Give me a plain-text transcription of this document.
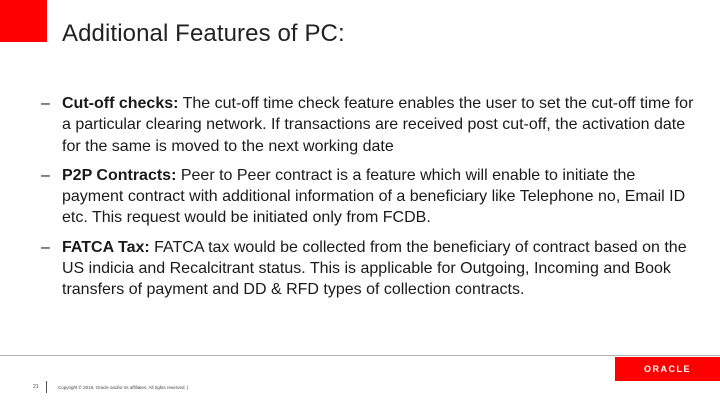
Additional Features of PC:
– Cut-off checks: The cut-off time check feature enables the user to set the cut-off time for a particular clearing network. If transactions are received post cut-off, the activation date for the same is moved to the next working date
– P2P Contracts: Peer to Peer contract is a feature which will enable to initiate the payment contract with additional information of a beneficiary like Telephone no, Email ID etc. This request would be initiated only from FCDB.
– FATCA Tax: FATCA tax would be collected from the beneficiary of contract based on the US indicia and Recalcitrant status. This is applicable for Outgoing, Incoming and Book transfers of payment and DD & RFD types of collection contracts.
ORACLE
21	Copyright © 2018, Oracle and/or its affiliates. All rights reserved. |
